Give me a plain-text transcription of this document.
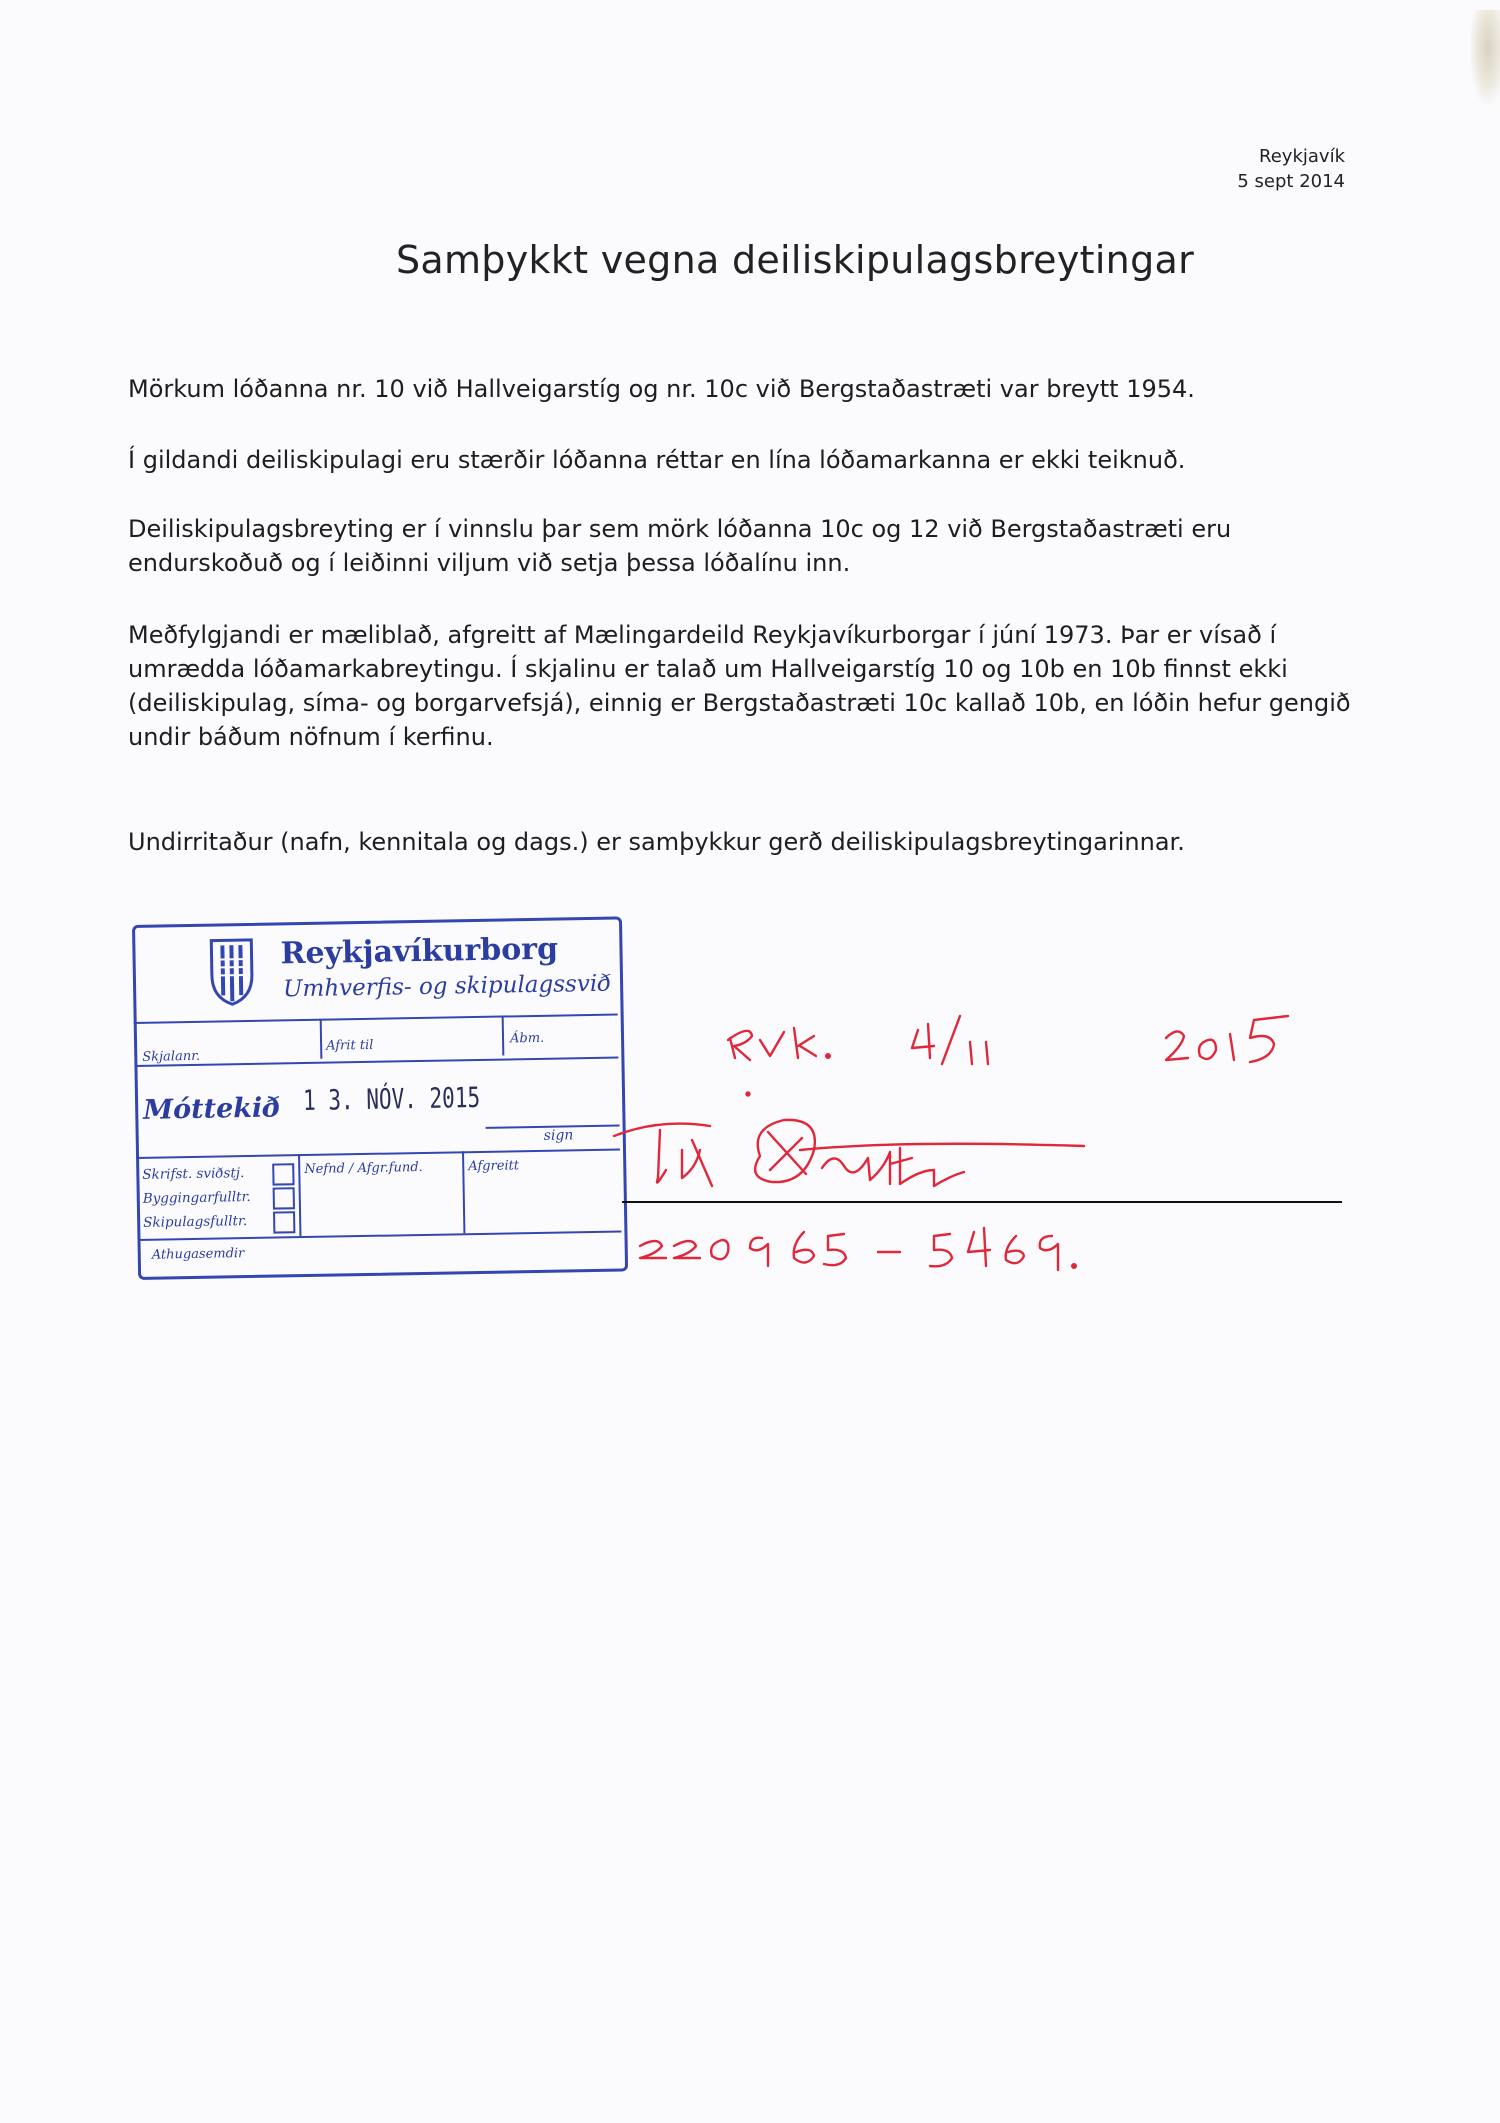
Reykjavík
5 sept 2014
Samþykkt vegna deiliskipulagsbreytingar

Mörkum lóðanna nr. 10 við Hallveigarstíg og nr. 10c við Bergstaðastræti var breytt 1954.

Í gildandi deiliskipulagi eru stærðir lóðanna réttar en lína lóðamarkanna er ekki teiknuð.

Deiliskipulagsbreyting er í vinnslu þar sem mörk lóðanna 10c og 12 við Bergstaðastræti eru endurskoðuð og í leiðinni viljum við setja þessa lóðalínu inn.

Meðfylgjandi er mæliblað, afgreitt af Mælingardeild Reykjavíkurborgar í júní 1973. Þar er vísað í umrædda lóðamarkabreytingu. Í skjalinu er talað um Hallveigarstíg 10 og 10b en 10b finnst ekki (deiliskipulag, síma- og borgarvefsjá), einnig er Bergstaðastræti 10c kallað 10b, en lóðin hefur gengið undir báðum nöfnum í kerfinu.

Undirritaður (nafn, kennitala og dags.) er samþykkur gerð deiliskipulagsbreytingarinnar.

Reykjavíkurborg
Umhverfis- og skipulagssvið
Skjalanr.
Afrit til	Ábm.
Móttekið 1 3. NÓV. 2015
sign
Skrifst. sviðstj.
Byggingarfulltr.
Skipulagsfulltr.
Nefnd / Afgr.fund.	Afgreitt
Athugasemdir
